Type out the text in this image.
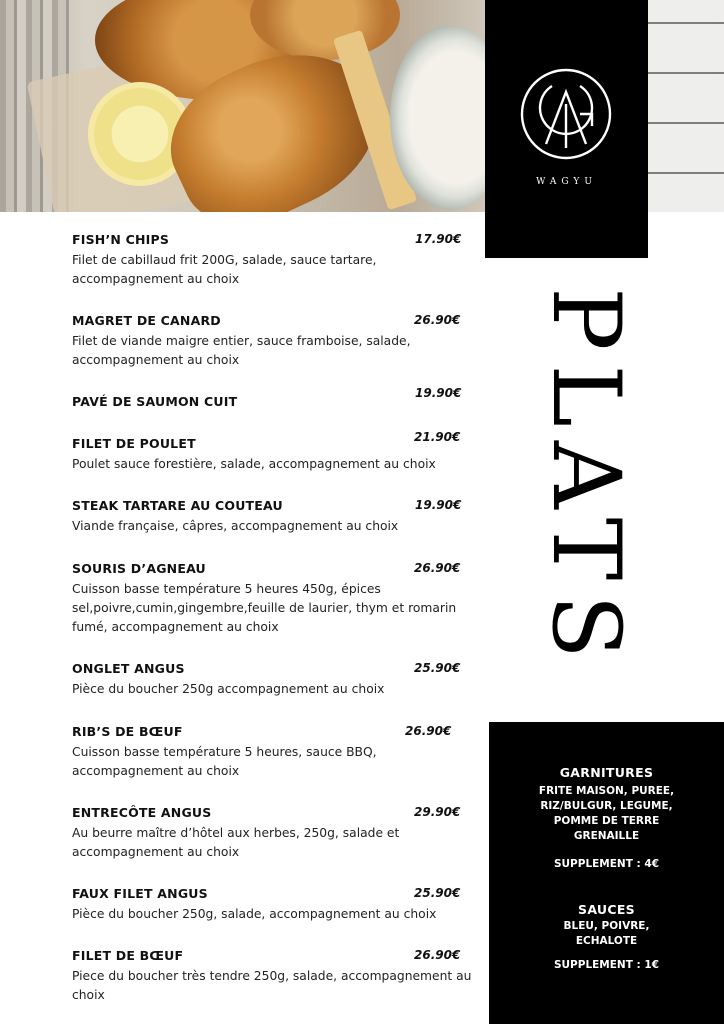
WAGYU
PLATS
FISH’N CHIPS	17.90€
Filet de cabillaud frit 200G, salade, sauce tartare, accompagnement au choix
MAGRET DE CANARD	26.90€
Filet de viande maigre entier, sauce framboise, salade, accompagnement au choix
PAVÉ DE SAUMON CUIT
19.90€
FILET DE POULET	21.90€
Poulet sauce forestière, salade, accompagnement au choix
STEAK TARTARE AU COUTEAU	19.90€
Viande française, câpres, accompagnement au choix
SOURIS D’AGNEAU	26.90€
Cuisson basse température 5 heures 450g, épices sel,poivre,cumin,gingembre,feuille de laurier, thym et romarin fumé, accompagnement au choix
ONGLET ANGUS	25.90€
Pièce du boucher 250g accompagnement au choix
RIB’S DE BŒUF	26.90€
Cuisson basse température 5 heures, sauce BBQ, accompagnement au choix
ENTRECÔTE ANGUS	29.90€
Au beurre maître d’hôtel aux herbes, 250g, salade et accompagnement au choix
FAUX FILET ANGUS	25.90€
Pièce du boucher 250g, salade, accompagnement au choix
FILET DE BŒUF	26.90€
Piece du boucher très tendre 250g, salade, accompagnement au choix
GARNITURES
FRITE MAISON, PUREE,
RIZ/BULGUR, LEGUME,
POMME DE TERRE
GRENAILLE
SUPPLEMENT : 4€
SAUCES
BLEU, POIVRE,
ECHALOTE
SUPPLEMENT : 1€
